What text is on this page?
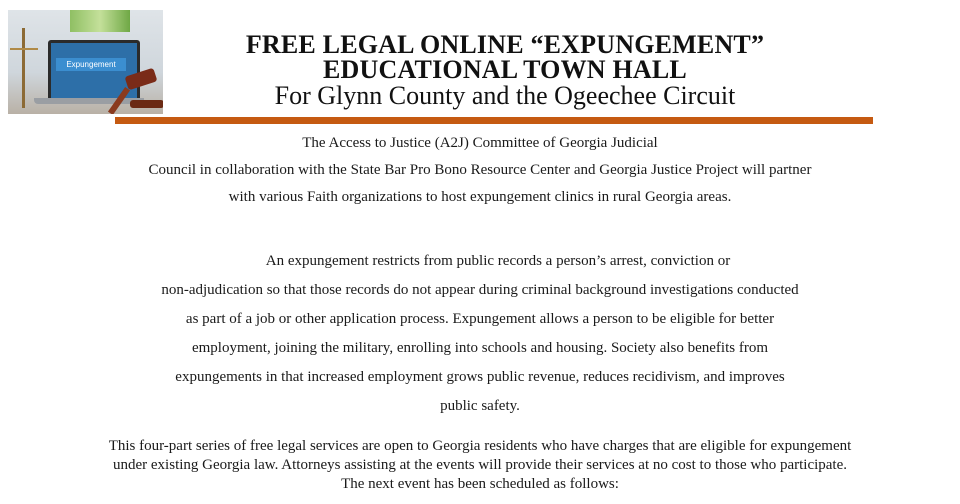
Expungement
FREE LEGAL ONLINE “EXPUNGEMENT”
EDUCATIONAL TOWN HALL
For Glynn County and the Ogeechee Circuit
The Access to Justice (A2J) Committee of Georgia Judicial
Council in collaboration with the State Bar Pro Bono Resource Center and Georgia Justice Project will partner
with various Faith organizations to host expungement clinics in rural Georgia areas.
An expungement restricts from public records a person’s arrest, conviction or
non-adjudication so that those records do not appear during criminal background investigations conducted
as part of a job or other application process. Expungement allows a person to be eligible for better
employment, joining the military, enrolling into schools and housing. Society also benefits from
expungements in that increased employment grows public revenue, reduces recidivism, and improves
public safety.
This four-part series of free legal services are open to Georgia residents who have charges that are eligible for expungement
under existing Georgia law. Attorneys assisting at the events will provide their services at no cost to those who participate.
The next event has been scheduled as follows:
